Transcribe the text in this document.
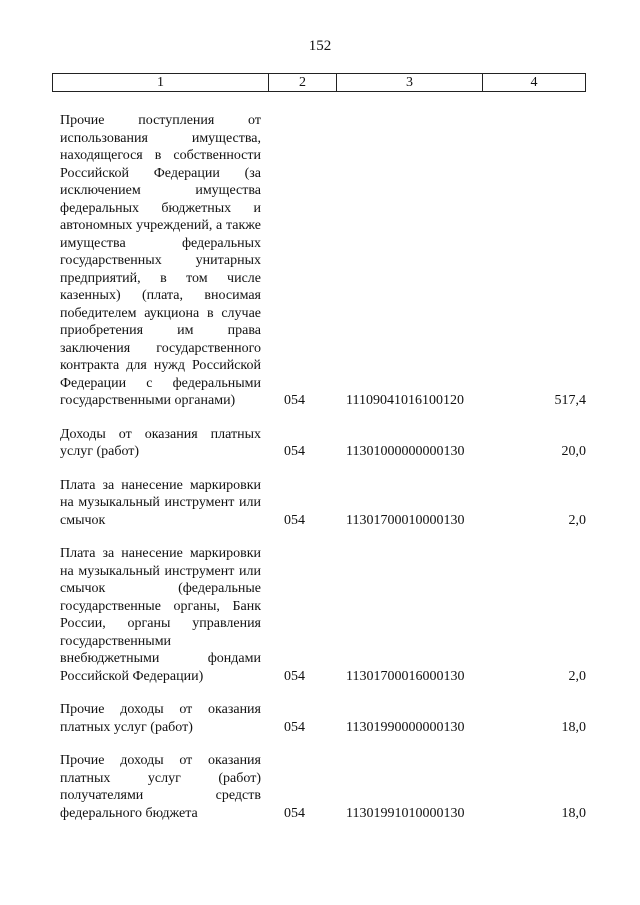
152
1	2	3	4
Прочие поступления от использования имущества, находящегося в собственности Российской Федерации (за исключением имущества федеральных бюджетных и автономных учреждений, а также имущества федеральных государственных унитарных предприятий, в том числе казенных) (плата, вносимая победителем аукциона в случае приобретения им права заключения государственного контракта для нужд Российской Федерации с федеральными государственными органами)	054	11109041016100120	517,4
Доходы от оказания платных услуг (работ)	054	11301000000000130	20,0
Плата за нанесение маркировки на музыкальный инструмент или смычок	054	11301700010000130	2,0
Плата за нанесение маркировки на музыкальный инструмент или смычок (федеральные государственные органы, Банк России, органы управления государственными внебюджетными фондами Российской Федерации)	054	11301700016000130	2,0
Прочие доходы от оказания платных услуг (работ)	054	11301990000000130	18,0
Прочие доходы от оказания платных услуг (работ) получателями средств федерального бюджета	054	11301991010000130	18,0
